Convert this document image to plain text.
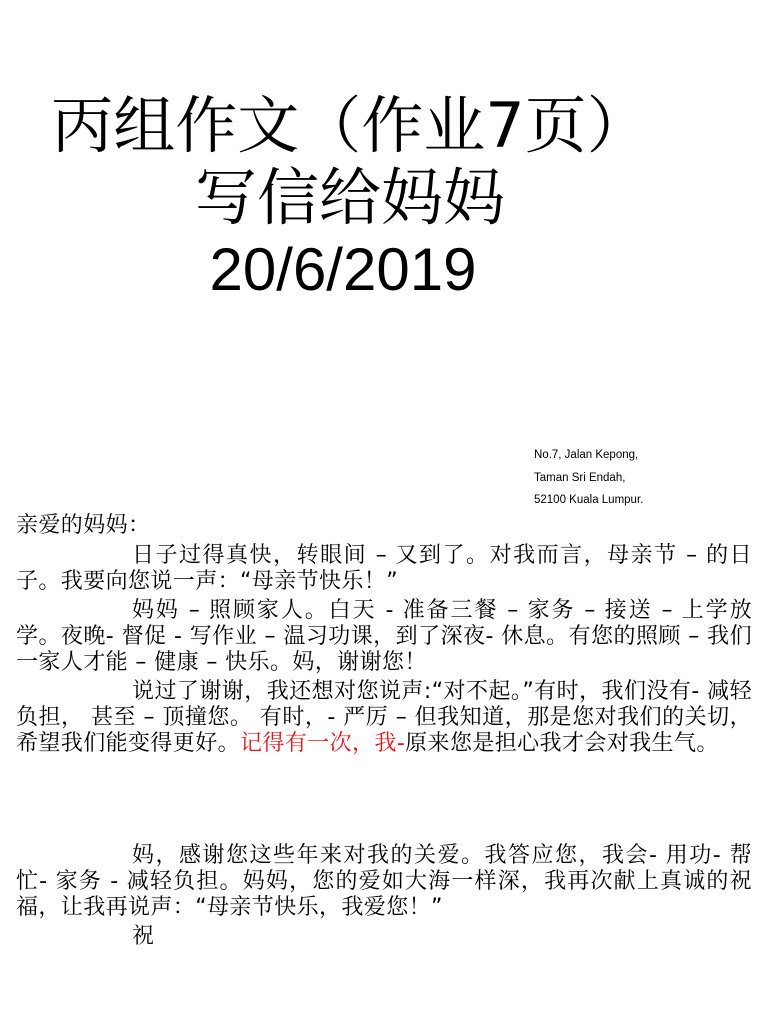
丙组作文（作业7页）
写信给妈妈
20/6/2019
No.7, Jalan Kepong,
Taman Sri Endah,
52100 Kuala Lumpur.

亲爱的妈妈：

日子过得真快，转眼间 – 又到了。对我而言，母亲节 – 的日子。我要向您说一声：“母亲节快乐！”

妈妈 – 照顾家人。白天 - 准备三餐 – 家务 – 接送 – 上学放学。夜晚- 督促 - 写作业 – 温习功课，到了深夜- 休息。有您的照顾 – 我们一家人才能 – 健康 – 快乐。妈，谢谢您！

说过了谢谢，我还想对您说声:“对不起。”有时，我们没有- 减轻负担， 甚至 – 顶撞您。 有时，- 严厉 – 但我知道，那是您对我们的关切，希望我们能变得更好。记得有一次，我-原来您是担心我才会对我生气。

妈，感谢您这些年来对我的关爱。我答应您，我会- 用功- 帮忙- 家务 - 减轻负担。妈妈，您的爱如大海一样深，我再次献上真诚的祝福，让我再说声：“母亲节快乐，我爱您！”

祝
